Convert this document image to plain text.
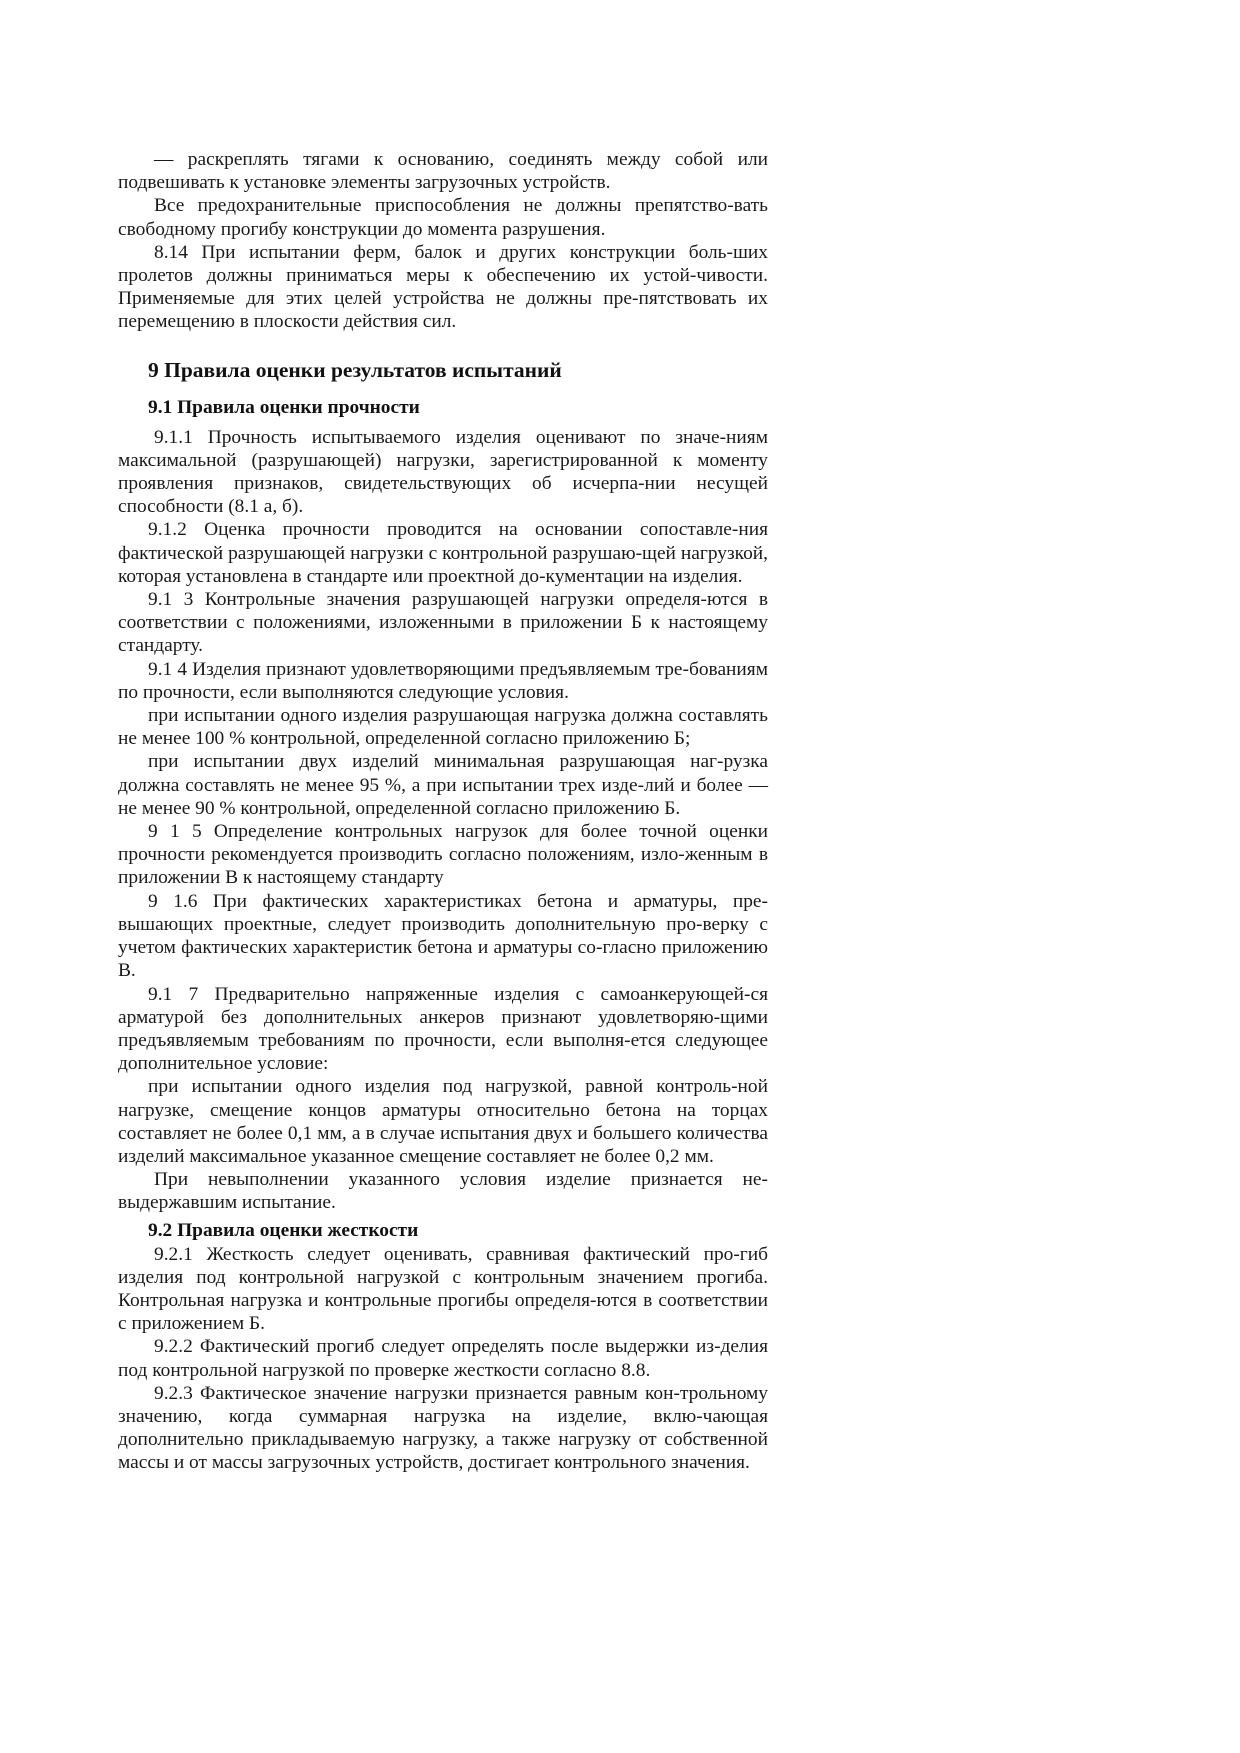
— раскреплять тягами к основанию, соединять между собой или подвешивать к установке элементы загрузочных устройств.

Все предохранительные приспособления не должны препятство-вать свободному прогибу конструкции до момента разрушения.

8.14 При испытании ферм, балок и других конструкции боль-ших пролетов должны приниматься меры к обеспечению их устой-чивости. Применяемые для этих целей устройства не должны пре-пятствовать их перемещению в плоскости действия сил.

9 Правила оценки результатов испытаний
9.1 Правила оценки прочности

9.1.1 Прочность испытываемого изделия оценивают по значе-ниям максимальной (разрушающей) нагрузки, зарегистрированной к моменту проявления признаков, свидетельствующих об исчерпа-нии несущей способности (8.1 а, б).

9.1.2 Оценка прочности проводится на основании сопоставле-ния фактической разрушающей нагрузки с контрольной разрушаю-щей нагрузкой, которая установлена в стандарте или проектной до-кументации на изделия.

9.1 3 Контрольные значения разрушающей нагрузки определя-ются в соответствии с положениями, изложенными в приложении Б к настоящему стандарту.

9.1 4 Изделия признают удовлетворяющими предъявляемым тре-бованиям по прочности, если выполняются следующие условия.

при испытании одного изделия разрушающая нагрузка должна составлять не менее 100 % контрольной, определенной согласно приложению Б;

при испытании двух изделий минимальная разрушающая наг-рузка должна составлять не менее 95 %, а при испытании трех изде-лий и более — не менее 90 % контрольной, определенной согласно приложению Б.

9 1 5 Определение контрольных нагрузок для более точной оценки прочности рекомендуется производить согласно положениям, изло-женным в приложении В к настоящему стандарту

9 1.6 При фактических характеристиках бетона и арматуры, пре-вышающих проектные, следует производить дополнительную про-верку с учетом фактических характеристик бетона и арматуры со-гласно приложению В.

9.1 7 Предварительно напряженные изделия с самоанкерующей-ся арматурой без дополнительных анкеров признают удовлетворяю-щими предъявляемым требованиям по прочности, если выполня-ется следующее дополнительное условие:

при испытании одного изделия под нагрузкой, равной контроль-ной нагрузке, смещение концов арматуры относительно бетона на торцах составляет не более 0,1 мм, а в случае испытания двух и большего количества изделий максимальное указанное смещение составляет не более 0,2 мм.

При невыполнении указанного условия изделие признается не-выдержавшим испытание.

9.2 Правила оценки жесткости

9.2.1 Жесткость следует оценивать, сравнивая фактический про-гиб изделия под контрольной нагрузкой с контрольным значением прогиба. Контрольная нагрузка и контрольные прогибы определя-ются в соответствии с приложением Б.

9.2.2 Фактический прогиб следует определять после выдержки из-делия под контрольной нагрузкой по проверке жесткости согласно 8.8.

9.2.3 Фактическое значение нагрузки признается равным кон-трольному значению, когда суммарная нагрузка на изделие, вклю-чающая дополнительно прикладываемую нагрузку, а также нагрузку от собственной массы и от массы загрузочных устройств, достигает контрольного значения.
